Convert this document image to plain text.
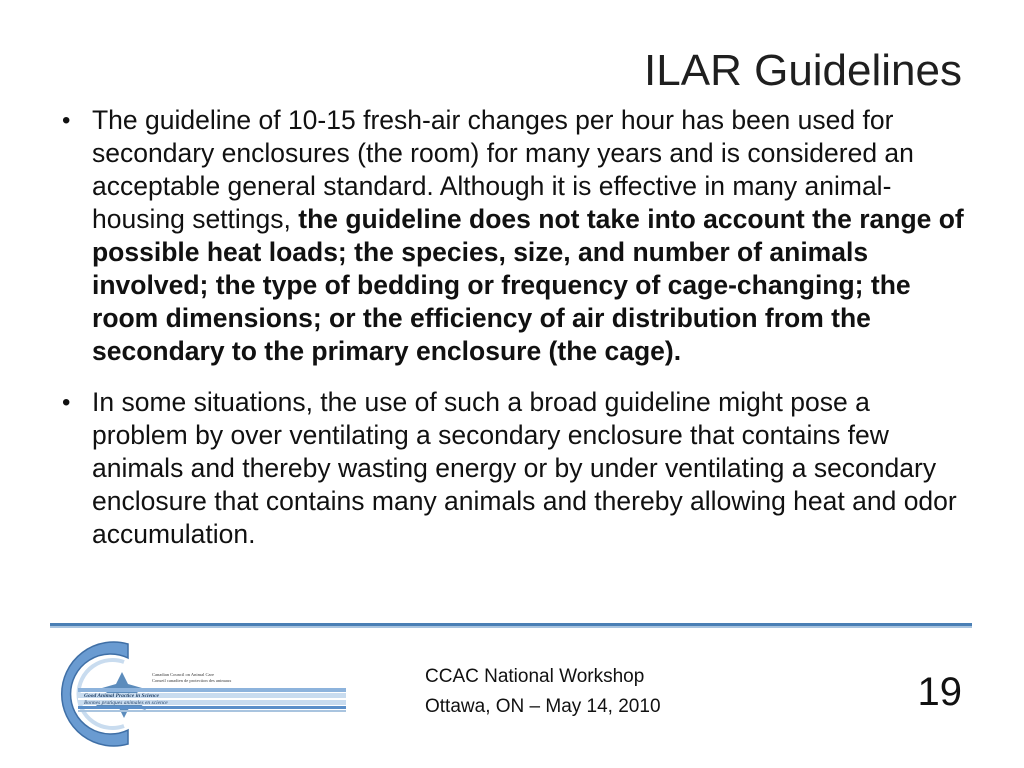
ILAR Guidelines
• The guideline of 10-15 fresh-air changes per hour has been used for secondary enclosures (the room) for many years and is considered an acceptable general standard. Although it is effective in many animal-housing settings, the guideline does not take into account the range of possible heat loads; the species, size, and number of animals involved; the type of bedding or frequency of cage-changing; the room dimensions; or the efficiency of air distribution from the secondary to the primary enclosure (the cage).
• In some situations, the use of such a broad guideline might pose a problem by over ventilating a secondary enclosure that contains few animals and thereby wasting energy or by under ventilating a secondary enclosure that contains many animals and thereby allowing heat and odor accumulation.
Canadian Council on Animal Care
Conseil canadien de protection des animaux
Good Animal Practice in Science
Bonnes pratiques animales en science
CCAC National Workshop
Ottawa, ON – May 14, 2010	19
